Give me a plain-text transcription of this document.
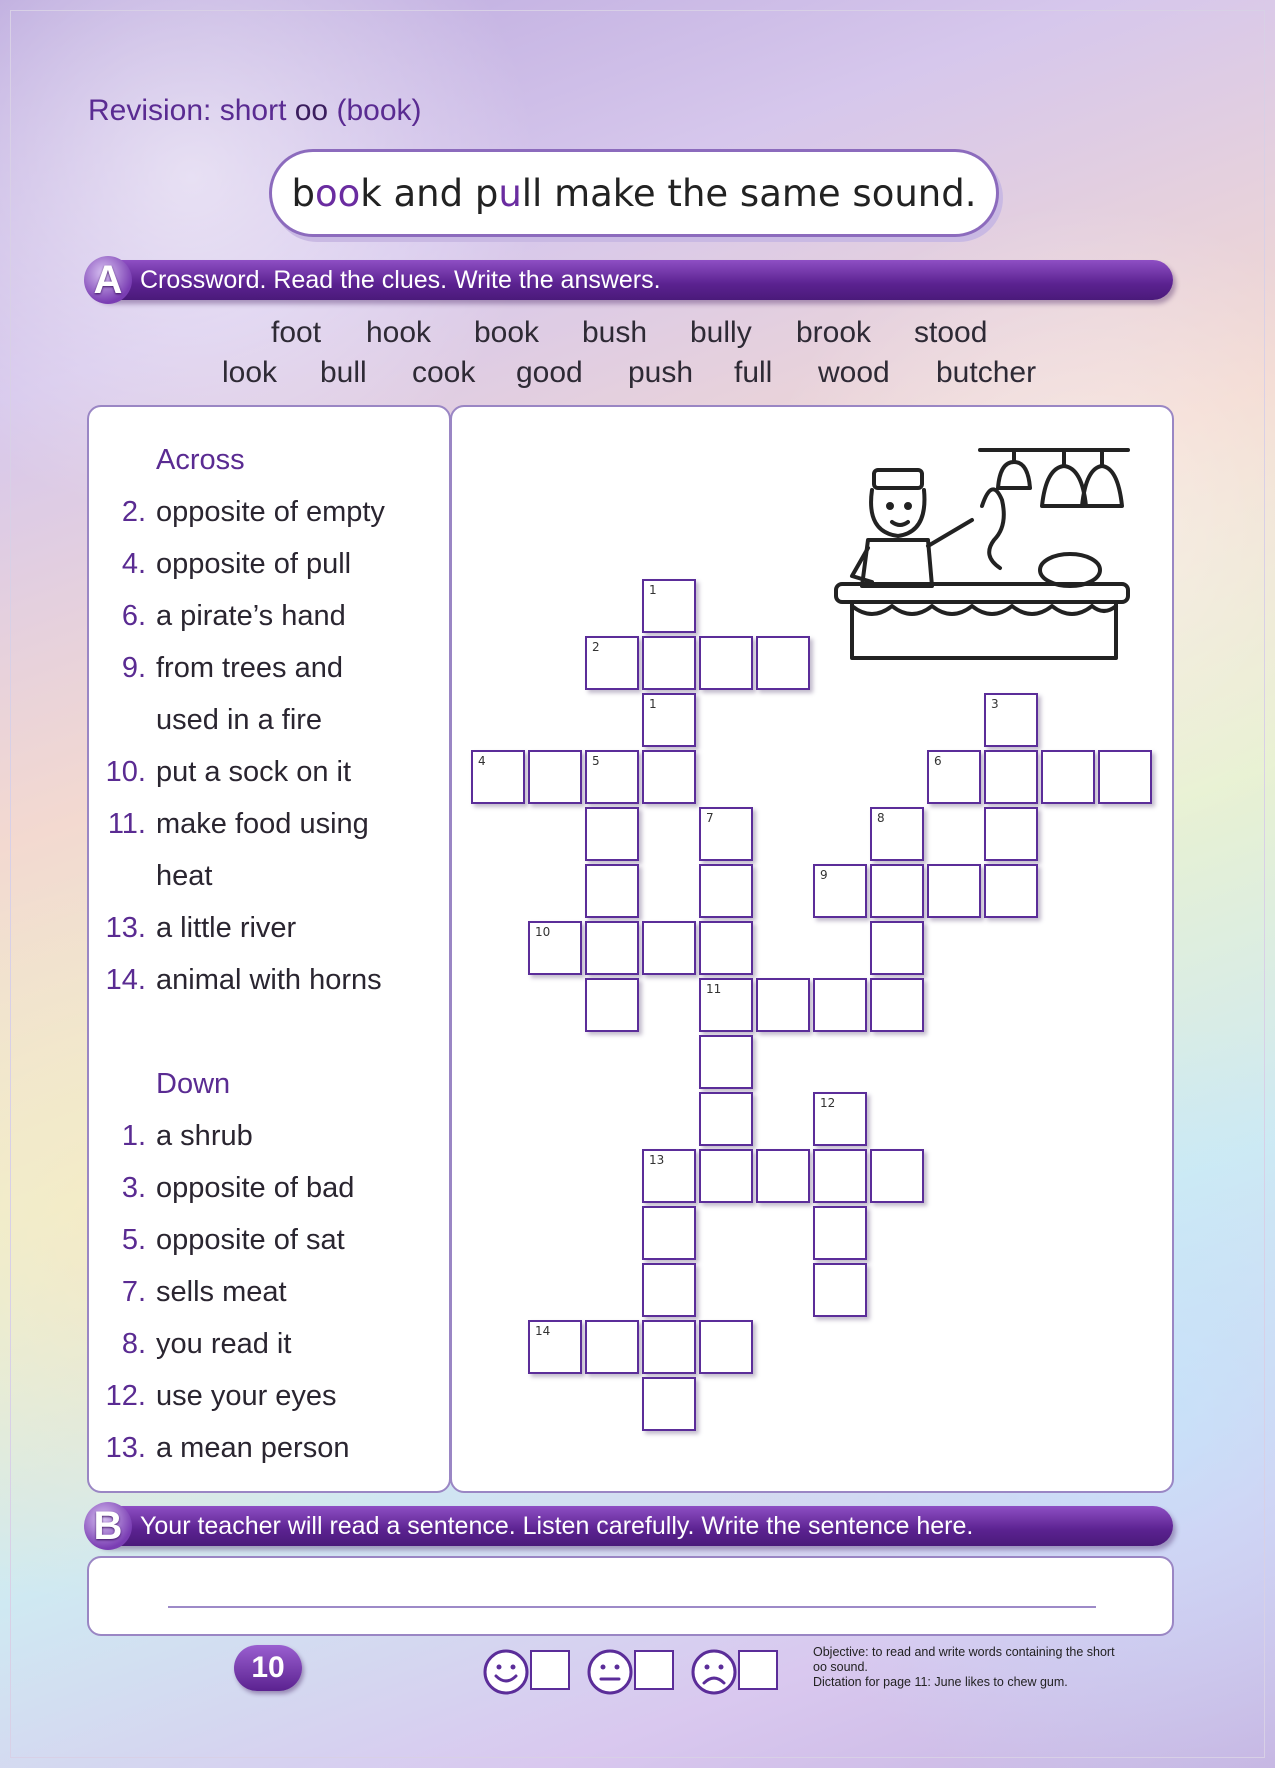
Revision: short oo (book)
b oo k and p u ll make the same sound.
A Crossword. Read the clues. Write the answers.
foot hook book bush bully brook stood
look bull cook good push full wood butcher
Across
2. opposite of empty
4. opposite of pull
6. a pirate’s hand
9. from trees and
used in a fire
10. put a sock on it
11. make food using
heat
13. a little river
14. animal with horns
Down
1. a shrub
3. opposite of bad
5. opposite of sat
7. sells meat
8. you read it
12. use your eyes
13. a mean person
1
2
1	3
4	5	6
7	8
9
10
11
12
13
14
B Your teacher will read a sentence. Listen carefully. Write the sentence here.
10	Objective: to read and write words containing the short
oo sound.
Dictation for page 11: June likes to chew gum.
